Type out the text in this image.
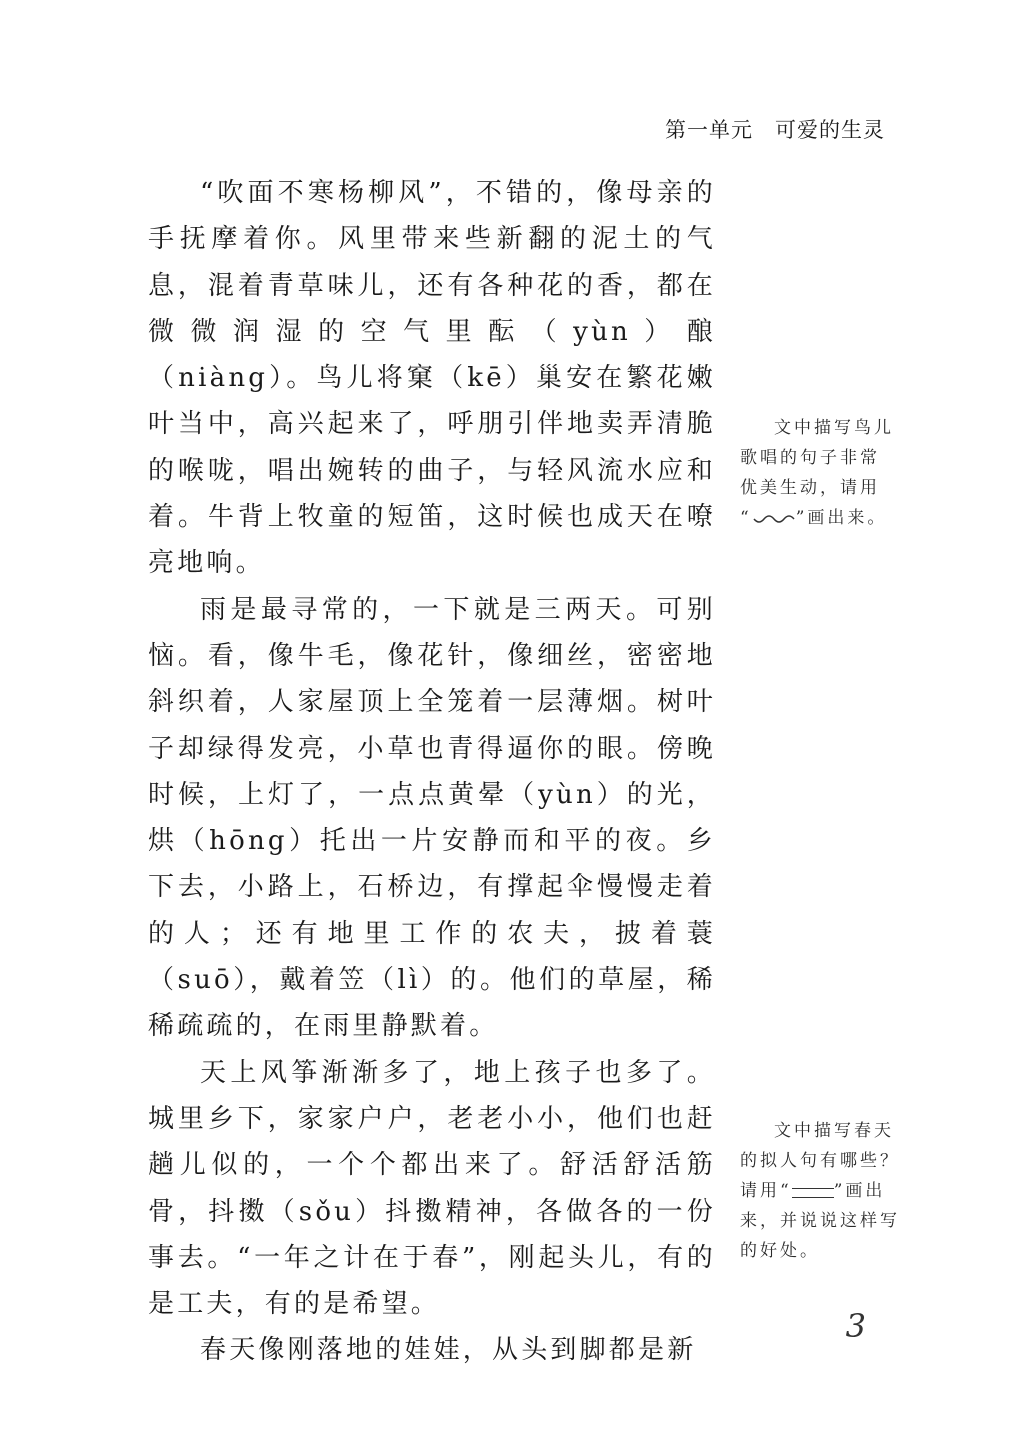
第一单元　可爱的生灵

“吹面不寒杨柳风”，不错的，像母亲的手抚摩着你。风里带来些新翻的泥土的气息，混着青草味儿，还有各种花的香，都在微微润湿的空气里酝（yùn）酿（niàng）。鸟儿将窠（kē）巢安在繁花嫩叶当中，高兴起来了，呼朋引伴地卖弄清脆的喉咙，唱出婉转的曲子，与轻风流水应和着。牛背上牧童的短笛，这时候也成天在嘹亮地响。

雨是最寻常的，一下就是三两天。可别恼。看，像牛毛，像花针，像细丝，密密地斜织着，人家屋顶上全笼着一层薄烟。树叶子却绿得发亮，小草也青得逼你的眼。傍晚时候，上灯了，一点点黄晕（yùn）的光，烘（hōng）托出一片安静而和平的夜。乡下去，小路上，石桥边，有撑起伞慢慢走着的人；还有地里工作的农夫，披着蓑（suō），戴着笠（lì）的。他们的草屋，稀稀疏疏的，在雨里静默着。

天上风筝渐渐多了，地上孩子也多了。城里乡下，家家户户，老老小小，他们也赶趟儿似的，一个个都出来了。舒活舒活筋骨，抖擞（sǒu）抖擞精神，各做各的一份事去。“一年之计在于春”，刚起头儿，有的是工夫，有的是希望。

春天像刚落地的娃娃，从头到脚都是新

文中描写鸟儿
歌唱的句子非常
优美生动，请用
“	”画出来。
文中描写春天
的拟人句有哪些？
请用“ ”画出
来，并说说这样写
的好处。
3
